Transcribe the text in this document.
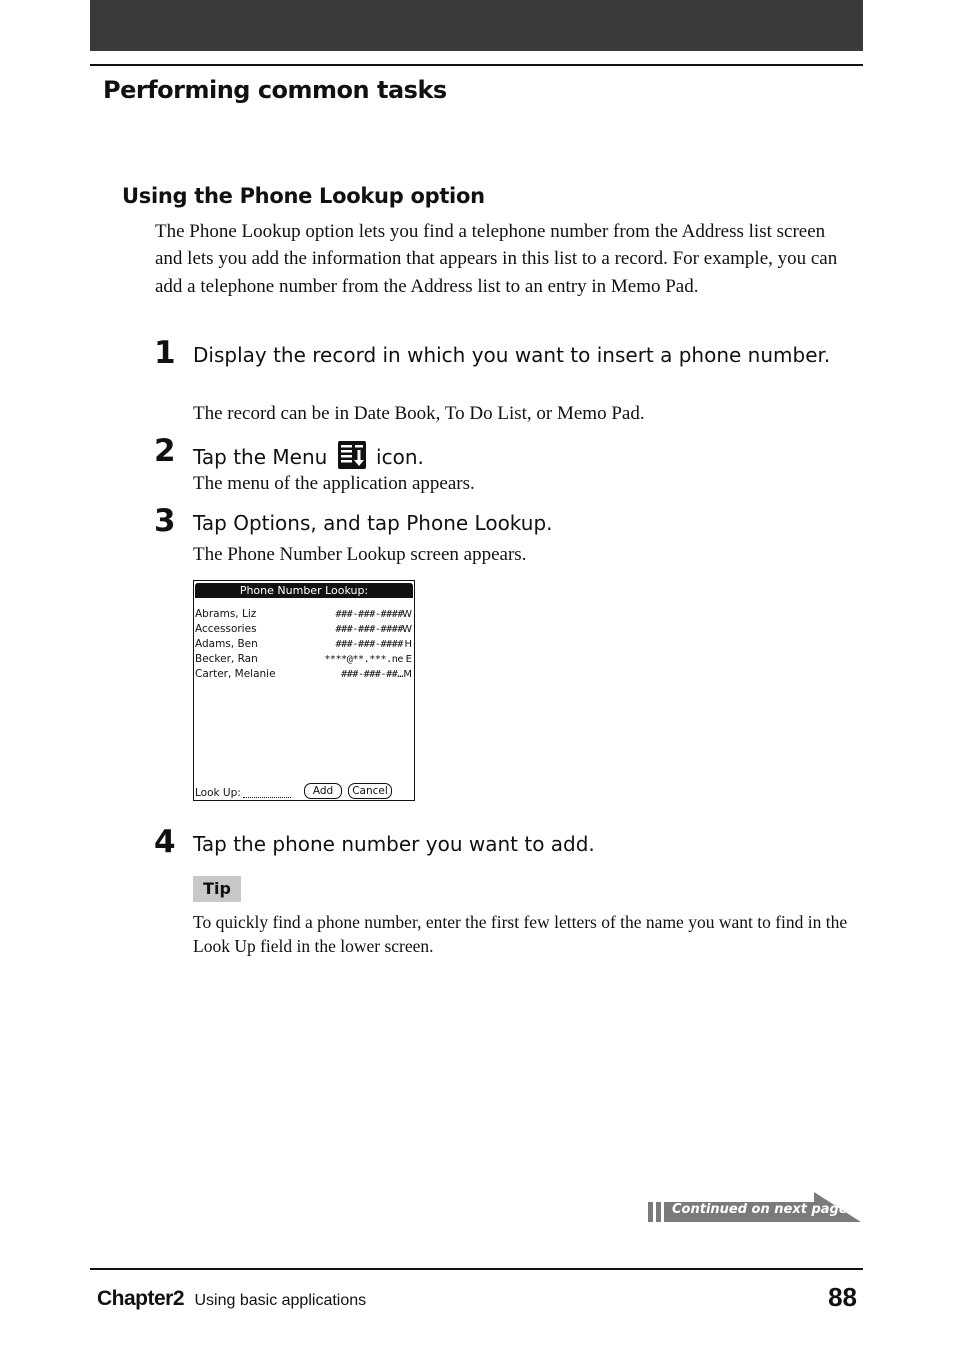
Performing common tasks
Using the Phone Lookup option

The Phone Lookup option lets you find a telephone number from the Address list screen and lets you add the information that appears in this list to a record. For example, you can add a telephone number from the Address list to an entry in Memo Pad.

1 Display the record in which you want to insert a phone number.

The record can be in Date Book, To Do List, or Memo Pad.

2 Tap the Menu icon.

The menu of the application appears.

3 Tap Options, and tap Phone Lookup.

The Phone Number Lookup screen appears.

Phone Number Lookup:
Abrams, Liz	###-###-#### W
Accessories	###-###-#### W
Adams, Ben	###-###-#### H
Becker, Ran	****@**.***.ne E
Carter, Melanie	###-###-##… M
Look Up:	Add	Cancel
4 Tap the phone number you want to add.

Tip

To quickly find a phone number, enter the first few letters of the name you want to find in the Look Up field in the lower screen.

Continued on next page
Chapter2 Using basic applications	88
